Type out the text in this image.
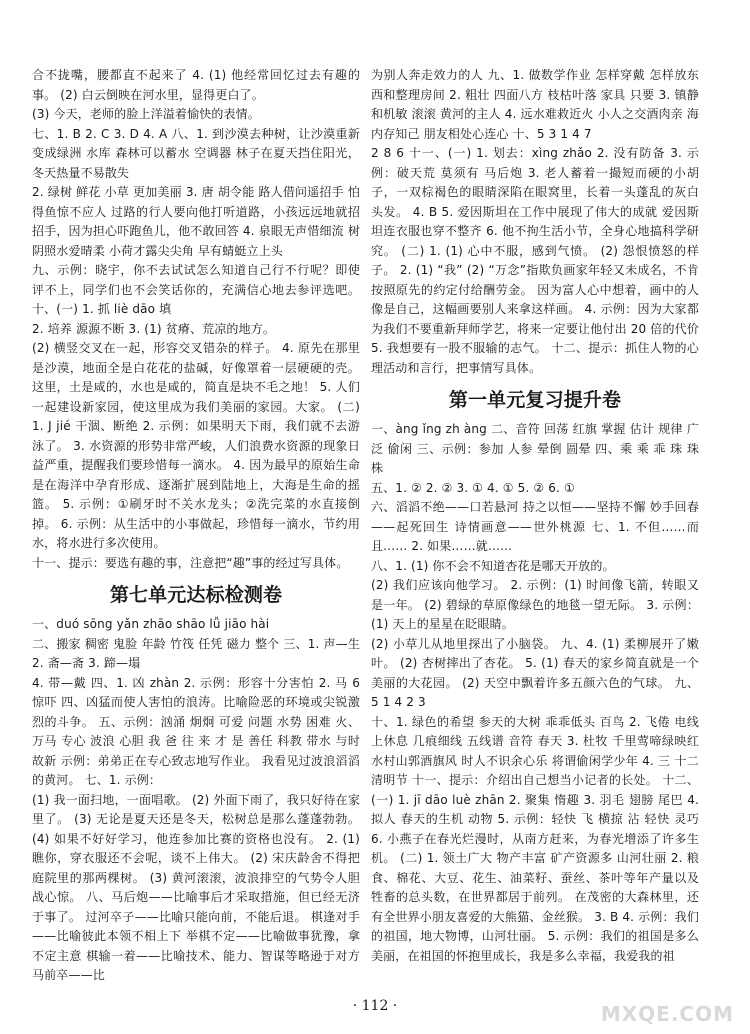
合不拢嘴，腰都直不起来了 4. (1) 他经常回忆过去有趣的事。 (2) 白云倒映在河水里，显得更白了。

(3) 今天，老师的脸上洋溢着愉快的表情。

七、1. B 2. C 3. D 4. A 八、1. 到沙漠去种树，让沙漠重新变成绿洲 水库 森林可以蓄水 空调器 林子在夏天挡住阳光，冬天热量不易散失

2. 绿树 鲜花 小草 更加美丽 3. 唐 胡令能 路人借问遥招手 怕得鱼惊不应人 过路的行人要向他打听道路，小孩远远地就招招手，因为担心吓跑鱼儿，他不敢回答 4. 泉眼无声惜细流 树阴照水爱晴柔 小荷才露尖尖角 早有蜻蜓立上头

九、示例：晓宇，你不去试试怎么知道自己行不行呢？即使评不上，同学们也不会笑话你的，充满信心地去参评选吧。 十、(一) 1. 抓 liè dāo 填

2. 培养 源源不断 3. (1) 贫瘠、荒凉的地方。

(2) 横竖交叉在一起，形容交叉错杂的样子。 4. 原先在那里是沙漠，地面全是白花花的盐碱，好像罩着一层硬硬的壳。这里，土是咸的，水也是咸的，简直是块不毛之地！ 5. 人们一起建设新家园，使这里成为我们美丽的家园。大家。 (二) 1. J jié 干涸、断绝 2. 示例：如果明天下雨，我们就不去游泳了。 3. 水资源的形势非常严峻，人们浪费水资源的现象日益严重，提醒我们要珍惜每一滴水。 4. 因为最早的原始生命是在海洋中孕育形成、逐渐扩展到陆地上，大海是生命的摇篮。 5. 示例：①刷牙时不关水龙头；②洗完菜的水直接倒掉。 6. 示例：从生活中的小事做起，珍惜每一滴水，节约用水，将水进行多次使用。

十一、提示：要选有趣的事，注意把“趣”事的经过写具体。

第七单元达标检测卷

一、duó sōng yǎn zhāo shāo lǚ jiāo hài

二、搬家 稠密 鬼脸 年龄 竹筏 任凭 磁力 整个 三、1. 声—生 2. 斋—斋 3. 蹄—塌

4. 带—戴 四、1. 凶 zhàn 2. 示例：形容十分害怕 2. 马 6 惊吓 四、凶猛而使人害怕的浪涛。比喻险恶的环境或尖锐激烈的斗争。 五、示例：汹涌 炯炯 可爱 问题 水势 困难 火、万马 专心 波浪 心胆 我 爸 往 来 才 是 善任 科教 带水 与时 故新 示例：弟弟正在专心致志地写作业。 我看见过波浪滔滔的黄河。 七、1. 示例：

(1) 我一面扫地，一面唱歌。 (2) 外面下雨了，我只好待在家里了。 (3) 无论是夏天还是冬天，松树总是那么蓬蓬勃勃。 (4) 如果不好好学习，他连参加比赛的资格也没有。 2. (1) 瞧你，穿衣服还不会呢，谈不上伟大。 (2) 宋庆龄舍不得把庭院里的那两棵树。 (3) 黄河滚滚，波浪排空的气势令人胆战心惊。 八、马后炮——比喻事后才采取措施，但已经无济于事了。 过河卒子——比喻只能向前，不能后退。 棋逢对手——比喻彼此本领不相上下 举棋不定——比喻做事犹豫，拿不定主意 棋输一着——比喻技术、能力、智谋等略逊于对方 马前卒——比

为别人奔走效力的人 九、1. 做数学作业 怎样穿戴 怎样放东西和整理房间 2. 粗壮 四面八方 枝枯叶落 家具 只要 3. 镇静和机敏 滚滚 黄河的主人 4. 远水难救近火 小人之交酒肉亲 海内存知己 朋友相处心连心 十、5 3 1 4 7

2 8 6 十一、(一) 1. 划去：xìng zhǎo 2. 没有防备 3. 示例：破天荒 莫须有 马后炮 3. 老人蓄着一撮短而硬的小胡子，一双棕褐色的眼睛深陷在眼窝里，长着一头蓬乱的灰白头发。 4. B 5. 爱因斯坦在工作中展现了伟大的成就 爱因斯坦连衣服也穿不整齐 6. 他不拘生活小节，全身心地搞科学研究。 (二) 1. (1) 心中不服，感到气愤。 (2) 怨恨愤怒的样子。 2. (1) “我” (2) “万念”指欺负画家年轻又未成名，不肯按照原先的约定付给酬劳金。 因为富人心中想着，画中的人像是自己，这幅画要别人来拿这样画。 4. 示例：因为大家都为我们不要重新拜师学艺，将来一定要让他付出 20 倍的代价 5. 我想要有一股不服输的志气。 十二、提示：抓住人物的心理活动和言行，把事情写具体。

第一单元复习提升卷

一、àng ǐng zh àng 二、音符 回荡 红旗 掌握 估计 规律 广泛 偷闲 三、示例：参加 人参 晕倒 圆晕 四、乘 乘 乖 珠 珠 株

五、1. ② 2. ② 3. ① 4. ① 5. ② 6. ①

六、滔滔不绝——口若悬河 持之以恒——坚持不懈 妙手回春——起死回生 诗情画意——世外桃源 七、1. 不但……而且…… 2. 如果……就……

八、1. (1) 你不会不知道杏花是哪天开放的。

(2) 我们应该向他学习。 2. 示例：(1) 时间像飞箭，转眼又是一年。 (2) 碧绿的草原像绿色的地毯一望无际。 3. 示例：(1) 天上的星星在眨眼睛。

(2) 小草儿从地里探出了小脑袋。 九、4. (1) 柔柳展开了嫩叶。 (2) 杏树摔出了杏花。 5. (1) 春天的家乡简直就是一个美丽的大花园。 (2) 天空中飘着许多五颜六色的气球。 九、5 1 4 2 3

十、1. 绿色的希望 参天的大树 乖乖低头 百鸟 2. 飞倦 电线上休息 几痕细线 五线谱 音符 春天 3. 杜牧 千里莺啼绿映红 水村山郭酒旗风 时人不识余心乐 将谓偷闲学少年 4. 三 十二 清明节 十一、提示：介绍出自己想当小记者的长处。 十二、(一) 1. jī dāo luè zhān 2. 聚集 惰趣 3. 羽毛 翅膀 尾巴 4. 拟人 春天的生机 动物 5. 示例：轻快 飞 横掠 沾 轻快 灵巧 6. 小燕子在春光烂漫时，从南方赶来，为春光增添了许多生机。 (二) 1. 领土广大 物产丰富 矿产资源多 山河壮丽 2. 粮食、棉花、大豆、花生、油菜籽、蚕丝、茶叶等年产量以及牲畜的总头数，在世界都居于前列。 在茂密的大森林里，还有全世界小朋友喜爱的大熊猫、金丝猴。 3. B 4. 示例：我们的祖国，地大物博，山河壮丽。 5. 示例：我们的祖国是多么美丽，在祖国的怀抱里成长，我是多么幸福，我爱我的祖

· 112 ·	MXQE.COM
